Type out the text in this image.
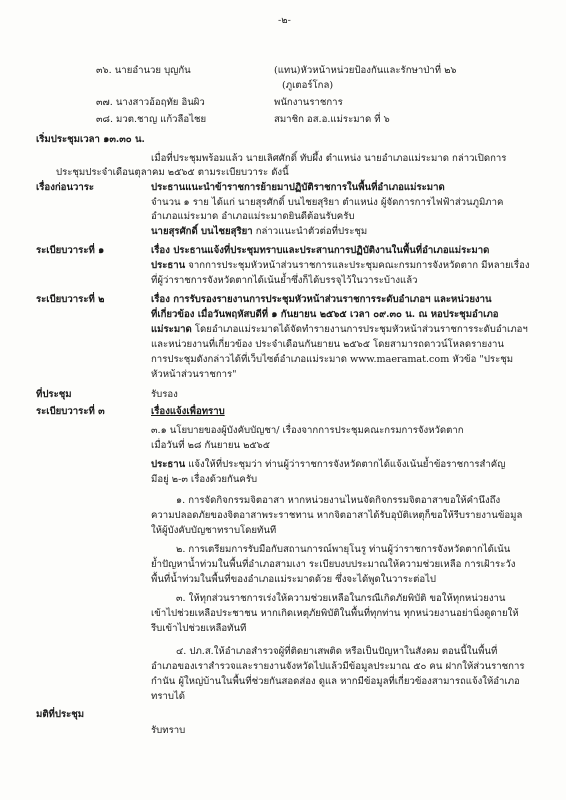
-๒-
๓๖. นายอำนวย บุญกัน	(แทน)หัวหน้าหน่วยป้องกันและรักษาป่าที่ ๒๖
(ภูเตอร์โกล)
๓๗. นางสาวอ้อฤทัย อินผิว	พนักงานราชการ
๓๘. มวต.ชาญ แก้วลือไชย	สมาชิก อส.อ.แม่ระมาด ที่ ๖
เริ่มประชุมเวลา ๑๓.๓๐ น.
เมื่อที่ประชุมพร้อมแล้ว นายเลิศศักดิ์ ทับผึ้ง ตำแหน่ง นายอำเภอแม่ระมาด กล่าวเปิดการ
ประชุมประจำเดือนตุลาคม ๒๕๖๕ ตามระเบียบวาระ ดังนี้
เรื่องก่อนวาระ	ประธานแนะนำข้าราชการย้ายมาปฏิบัติราชการในพื้นที่อำเภอแม่ระมาด
จำนวน ๑ ราย ได้แก่ นายสุรศักดิ์ บนไชยสุริยา ตำแหน่ง ผู้จัดการการไฟฟ้าส่วนภูมิภาค
อำเภอแม่ระมาด อำเภอแม่ระมาดยินดีต้อนรับครับ
นายสุรศักดิ์ บนไชยสุริยา กล่าวแนะนำตัวต่อที่ประชุม
ระเบียบวาระที่ ๑	เรื่อง ประธานแจ้งที่ประชุมทราบและประสานการปฏิบัติงานในพื้นที่อำเภอแม่ระมาด
ประธาน จากการประชุมหัวหน้าส่วนราชการและประชุมคณะกรมการจังหวัดตาก มีหลายเรื่อง
ที่ผู้ว่าราชการจังหวัดตากได้เน้นย้ำซึ่งก็ได้บรรจุไว้ในวาระบ้างแล้ว
ระเบียบวาระที่ ๒	เรื่อง การรับรองรายงานการประชุมหัวหน้าส่วนราชการระดับอำเภอฯ และหน่วยงาน
ที่เกี่ยวข้อง เมื่อวันพฤหัสบดีที่ ๑ กันยายน ๒๕๖๕ เวลา ๐๙.๓๐ น. ณ หอประชุมอำเภอ
แม่ระมาด โดยอำเภอแม่ระมาดได้จัดทำรายงานการประชุมหัวหน้าส่วนราชการระดับอำเภอฯ
และหน่วยงานที่เกี่ยวข้อง ประจำเดือนกันยายน ๒๕๖๕ โดยสามารถดาวน์โหลดรายงาน
การประชุมดังกล่าวได้ที่เว็บไซต์อำเภอแม่ระมาด www.maeramat.com หัวข้อ "ประชุม
หัวหน้าส่วนราชการ"
ที่ประชุม	รับรอง
ระเบียบวาระที่ ๓	เรื่องแจ้งเพื่อทราบ
๓.๑ นโยบายของผู้บังคับบัญชา/ เรื่องจากการประชุมคณะกรมการจังหวัดตาก
เมื่อวันที่ ๒๘ กันยายน ๒๕๖๕
ประธาน แจ้งให้ที่ประชุมว่า ท่านผู้ว่าราชการจังหวัดตากได้แจ้งเน้นย้ำข้อราชการสำคัญ
มีอยู่ ๒-๓ เรื่องด้วยกันครับ
๑. การจัดกิจกรรมจิตอาสา หากหน่วยงานไหนจัดกิจกรรมจิตอาสาขอให้คำนึงถึง
ความปลอดภัยของจิตอาสาพระราชทาน หากจิตอาสาได้รับอุบัติเหตุก็ขอให้รีบรายงานข้อมูล
ให้ผู้บังคับบัญชาทราบโดยทันที
๒. การเตรียมการรับมือกับสถานการณ์พายุโนรู ท่านผู้ว่าราชการจังหวัดตากได้เน้น
ย้ำปัญหาน้ำท่วมในพื้นที่อำเภอสามเงา ระเบียบงบประมาณให้ความช่วยเหลือ การเฝ้าระวัง
พื้นที่น้ำท่วมในพื้นที่ของอำเภอแม่ระมาดด้วย ซึ่งจะได้พูดในวาระต่อไป
๓. ให้ทุกส่วนราชการเร่งให้ความช่วยเหลือในกรณีเกิดภัยพิบัติ ขอให้ทุกหน่วยงาน
เข้าไปช่วยเหลือประชาชน หากเกิดเหตุภัยพิบัติในพื้นที่ทุกท่าน ทุกหน่วยงานอย่านิ่งดูดายให้
รีบเข้าไปช่วยเหลือทันที
๔. ปภ.ส.ให้อำเภอสำรวจผู้ที่ติดยาเสพติด หรือเป็นปัญหาในสังคม ตอนนี้ในพื้นที่
อำเภอของเราสำรวจและรายงานจังหวัดไปแล้วมีข้อมูลประมาณ ๕๐ คน ฝากให้ส่วนราชการ
กำนัน ผู้ใหญ่บ้านในพื้นที่ช่วยกันสอดส่อง ดูแล หากมีข้อมูลที่เกี่ยวข้องสามารถแจ้งให้อำเภอ
ทราบได้
มติที่ประชุม
รับทราบ
